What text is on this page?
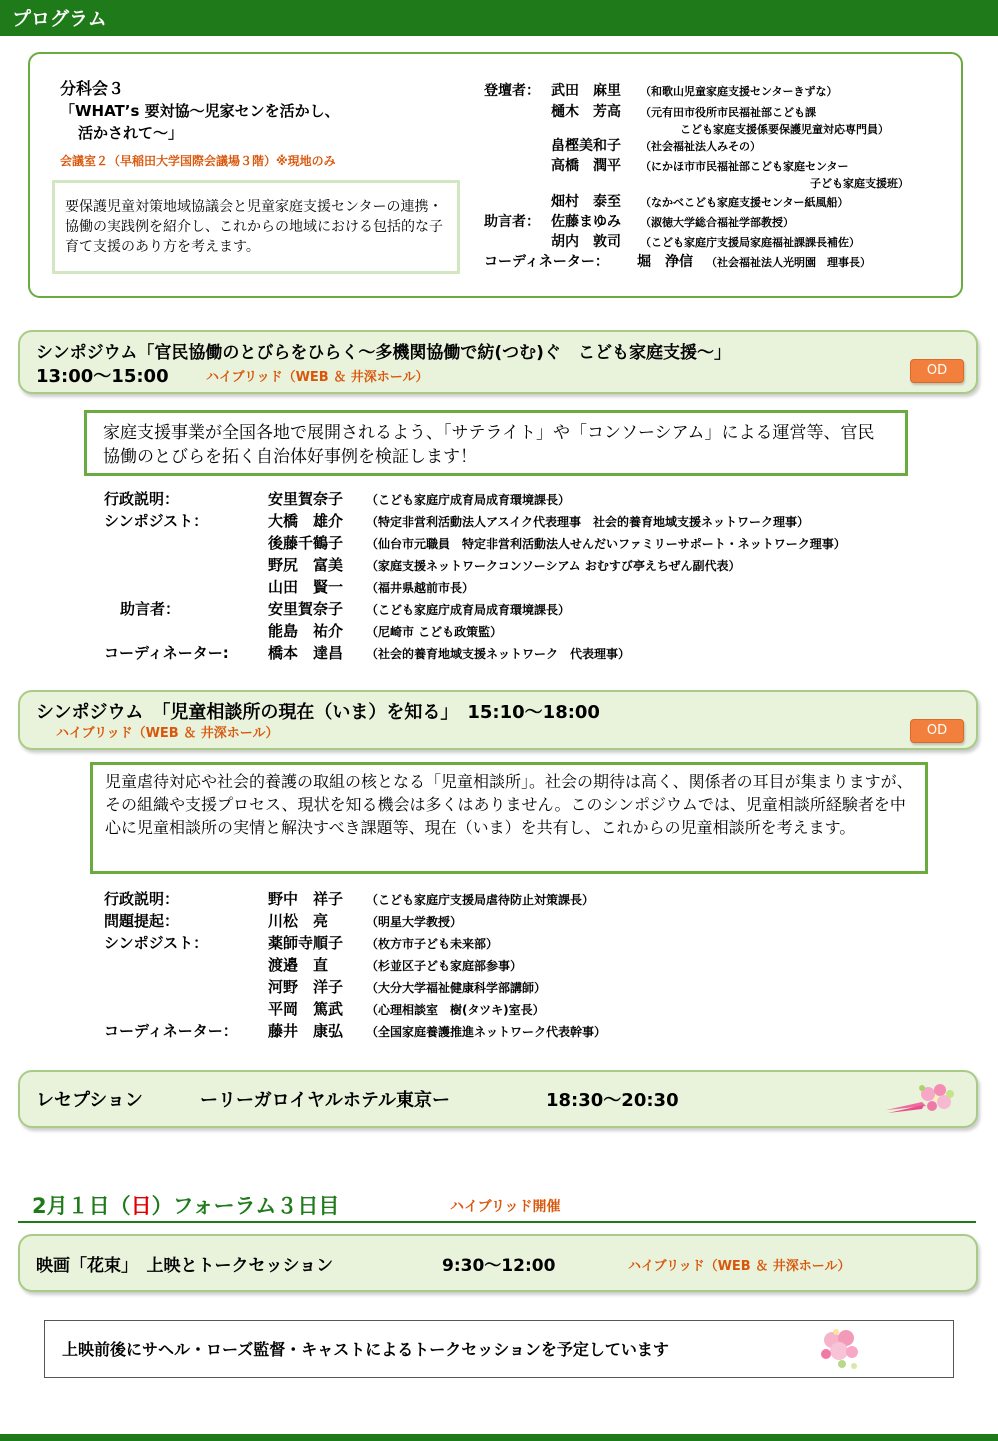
プログラム
分科会３
「WHAT’s 要対協～児家センを活かし、
活かされて～」
会議室２（早稲田大学国際会議場３階）※現地のみ
要保護児童対策地域協議会と児童家庭支援センターの連携・協働の実践例を紹介し、これからの地域における包括的な子育て支援のあり方を考えます。
登壇者： 武田　麻里 （和歌山児童家庭支援センターきずな）
樋木　芳高 （元有田市役所市民福祉部こども課
こども家庭支援係要保護児童対応専門員）
畠樫美和子 （社会福祉法人みその）
高橋　潤平 （にかほ市市民福祉部こども家庭センター
子ども家庭支援班）
畑村　泰至 （なかべこども家庭支援センター紙風船）
助言者： 佐藤まゆみ （淑徳大学総合福祉学部教授）
胡内　敦司 （こども家庭庁支援局家庭福祉課課長補佐）
コーディネーター： 堀　浄信 （社会福祉法人光明園　理事長）
シンポジウム「官民協働のとびらをひらく～多機関協働で紡(つむ)ぐ　こども家庭支援～」
13:00～15:00	ハイブリッド（WEB ＆ 井深ホール）	OD
家庭支援事業が全国各地で展開されるよう、「サテライト」や「コンソーシアム」による運営等、官民協働のとびらを拓く自治体好事例を検証します！
行政説明：	安里賀奈子 （こども家庭庁成育局成育環境課長）
シンポジスト：	大橋　雄介 （特定非営利活動法人アスイク代表理事　社会的養育地域支援ネットワーク理事）
後藤千鶴子 （仙台市元職員　特定非営利活動法人せんだいファミリーサポート・ネットワーク理事）
野尻　富美 （家庭支援ネットワークコンソーシアム おむすび亭えちぜん副代表）
山田　賢一 （福井県越前市長）
助言者：	安里賀奈子 （こども家庭庁成育局成育環境課長）
能島　祐介 （尼崎市 こども政策監）
コーディネーター:	橋本　達昌 （社会的養育地域支援ネットワーク　代表理事）
シンポジウム　「児童相談所の現在（いま）を知る」　15:10～18:00
ハイブリッド（WEB ＆ 井深ホール）	OD
児童虐待対応や社会的養護の取組の核となる「児童相談所」。社会の期待は高く、関係者の耳目が集まりますが、その組織や支援プロセス、現状を知る機会は多くはありません。このシンポジウムでは、児童相談所経験者を中心に児童相談所の実情と解決すべき課題等、現在（いま）を共有し、これからの児童相談所を考えます。
行政説明：	野中　祥子 （こども家庭庁支援局虐待防止対策課長）
問題提起：	川松　亮	（明星大学教授）
シンポジスト：	薬師寺順子 （枚方市子ども未来部）
渡邉　直	（杉並区子ども家庭部参事）
河野　洋子 （大分大学福祉健康科学部講師）
平岡　篤武 （心理相談室　樹(タツキ)室長）
コーディネーター： 藤井　康弘 （全国家庭養護推進ネットワーク代表幹事）
レセプション	ーリーガロイヤルホテル東京ー	18:30～20:30
2月１日（日）フォーラム３日目	ハイブリッド開催
映画「花束」　上映とトークセッション	9:30～12:00	ハイブリッド（WEB ＆ 井深ホール）
上映前後にサヘル・ローズ監督・キャストによるトークセッションを予定しています
